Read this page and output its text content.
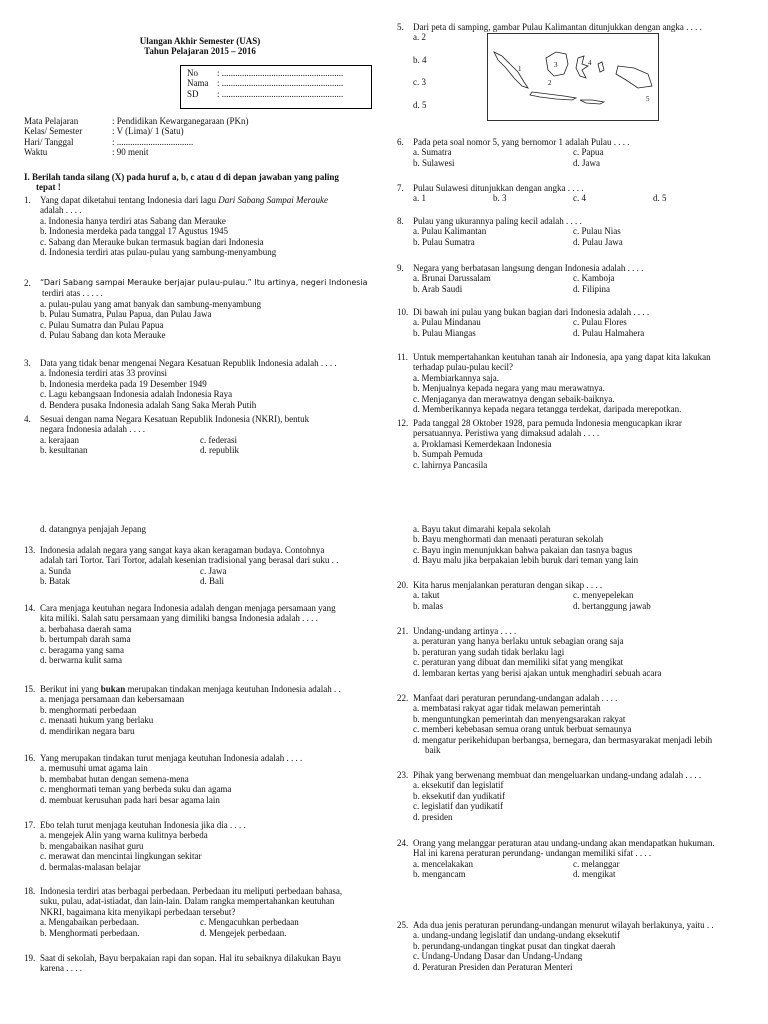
Ulangan Akhir Semester (UAS)
Tahun Pelajaran 2015 – 2016
No	: ......................................................
Nama : ......................................................
SD	: ......................................................
Mata Pelajaran	: Pendidikan Kewarganegaraan (PKn)
Kelas/ Semester	: V (Lima)/ 1 (Satu)
Hari/ Tanggal	: ..................................
Waktu	: 90 menit
I. Berilah tanda silang (X) pada huruf a, b, c atau d di depan jawaban yang paling
tepat !
1. Yang dapat diketahui tentang Indonesia dari lagu Dari Sabang Sampai Merauke
adalah . . . .
a. Indonesia hanya terdiri atas Sabang dan Merauke
b. Indonesia merdeka pada tanggal 17 Agustus 1945
c. Sabang dan Merauke bukan termasuk bagian dari Indonesia
d. Indonesia terdiri atas pulau-pulau yang sambung-menyambung
2. “Dari Sabang sampai Merauke berjajar pulau-pulau.” Itu artinya, negeri Indonesia
terdiri atas . . . . .
a. pulau-pulau yang amat banyak dan sambung-menyambung
b. Pulau Sumatra, Pulau Papua, dan Pulau Jawa
c. Pulau Sumatra dan Pulau Papua
d. Pulau Sabang dan kota Merauke
3. Data yang tidak benar mengenai Negara Kesatuan Republik Indonesia adalah . . . .
a. Indonesia terdiri atas 33 provinsi
b. Indonesia merdeka pada 19 Desember 1949
c. Lagu kebangsaan Indonesia adalah Indonesia Raya
d. Bendera pusaka Indonesia adalah Sang Saka Merah Putih
4. Sesuai dengan nama Negara Kesatuan Republik Indonesia (NKRI), bentuk
negara Indonesia adalah . . . .
a. kerajaan	c. federasi
b. kesultanan	d. republik
5. Dari peta di samping, gambar Pulau Kalimantan ditunjukkan dengan angka . . . .
a. 2
b. 4
c. 3
d. 5
1
2
3	4
5
6. Pada peta soal nomor 5, yang bernomor 1 adalah Pulau . . . .
a. Sumatra	c. Papua
b. Sulawesi	d. Jawa
7. Pulau Sulawesi ditunjukkan dengan angka . . . .
a. 1	b. 3	c. 4	d. 5
8. Pulau yang ukurannya paling kecil adalah . . . .
a. Pulau Kalimantan	c. Pulau Nias
b. Pulau Sumatra	d. Pulau Jawa
9. Negara yang berbatasan langsung dengan Indonesia adalah . . . .
a. Brunai Darussalam	c. Kamboja
b. Arab Saudi	d. Filipina
10. Di bawah ini pulau yang bukan bagian dari Indonesia adalah . . . .
a. Pulau Mindanau	c. Pulau Flores
b. Pulau Miangas	d. Pulau Halmahera
11. Untuk mempertahankan keutuhan tanah air Indonesia, apa yang dapat kita lakukan
terhadap pulau-pulau kecil?
a. Membiarkannya saja.
b. Menjualnya kepada negara yang mau merawatnya.
c. Menjaganya dan merawatnya dengan sebaik-baiknya.
d. Memberikannya kepada negara tetangga terdekat, daripada merepotkan.
12. Pada tanggal 28 Oktober 1928, para pemuda Indonesia mengucapkan ikrar
persatuannya. Peristiwa yang dimaksud adalah . . . .
a. Proklamasi Kemerdekaan Indonesia
b. Sumpah Pemuda
c. lahirnya Pancasila
d. datangnya penjajah Jepang
13. Indonesia adalah negara yang sangat kaya akan keragaman budaya. Contohnya
adalah tari Tortor. Tari Tortor, adalah kesenian tradisional yang berasal dari suku . .
a. Sunda	c. Jawa
b. Batak	d. Bali
14. Cara menjaga keutuhan negara Indonesia adalah dengan menjaga persamaan yang
kita miliki. Salah satu persamaan yang dimiliki bangsa Indonesia adalah . . . .
a. berbahasa daerah sama
b. bertumpah darah sama
c. beragama yang sama
d. berwarna kulit sama
15. Berikut ini yang bukan merupakan tindakan menjaga keutuhan Indonesia adalah . .
a. menjaga persamaan dan kebersamaan
b. menghormati perbedaan
c. menaati hukum yang berlaku
d. mendirikan negara baru
16. Yang merupakan tindakan turut menjaga keutuhan Indonesia adalah . . . .
a. memusuhi umat agama lain
b. membabat hutan dengan semena-mena
c. menghormati teman yang berbeda suku dan agama
d. membuat kerusuhan pada hari besar agama lain
17. Ebo telah turut menjaga keutuhan Indonesia jika dia . . . .
a. mengejek Alin yang warna kulitnya berbeda
b. mengabaikan nasihat guru
c. merawat dan mencintai lingkungan sekitar
d. bermalas-malasan belajar
18. Indonesia terdiri atas berbagai perbedaan. Perbedaan itu meliputi perbedaan bahasa,
suku, pulau, adat-istiadat, dan lain-lain. Dalam rangka mempertahankan keutuhan
NKRI, bagaimana kita menyikapi perbedaan tersebut?
a. Mengabaikan perbedaan.	c. Mengacuhkan perbedaan
b. Menghormati perbedaan.	d. Mengejek perbedaan.
19. Saat di sekolah, Bayu berpakaian rapi dan sopan. Hal itu sebaiknya dilakukan Bayu
karena . . . .
a. Bayu takut dimarahi kepala sekolah
b. Bayu menghormati dan menaati peraturan sekolah
c. Bayu ingin menunjukkan bahwa pakaian dan tasnya bagus
d. Bayu malu jika berpakaian lebih buruk dari teman yang lain
20. Kita harus menjalankan peraturan dengan sikap . . . .
a. takut	c. menyepelekan
b. malas	d. bertanggung jawab
21. Undang-undang artinya . . . .
a. peraturan yang hanya berlaku untuk sebagian orang saja
b. peraturan yang sudah tidak berlaku lagi
c. peraturan yang dibuat dan memiliki sifat yang mengikat
d. lembaran kertas yang berisi ajakan untuk menghadiri sebuah acara
22. Manfaat dari peraturan perundang-undangan adalah . . . .
a. membatasi rakyat agar tidak melawan pemerintah
b. menguntungkan pemerintah dan menyengsarakan rakyat
c. memberi kebebasan semua orang untuk berbuat semaunya
d. mengatur perikehidupan berbangsa, bernegara, dan bermasyarakat menjadi lebih
baik
23. Pihak yang berwenang membuat dan mengeluarkan undang-undang adalah . . . .
a. eksekutif dan legislatif
b. eksekutif dan yudikatif
c. legislatif dan yudikatif
d. presiden
24. Orang yang melanggar peraturan atau undang-undang akan mendapatkan hukuman.
Hal ini karena peraturan perundang- undangan memiliki sifat . . . .
a. mencelakakan	c. melanggar
b. mengancam	d. mengikat
25. Ada dua jenis peraturan perundang-undangan menurut wilayah berlakunya, yaitu . .
a. undang-undang legislatif dan undang-undang eksekutif
b. perundang-undangan tingkat pusat dan tingkat daerah
c. Undang-Undang Dasar dan Undang-Undang
d. Peraturan Presiden dan Peraturan Menteri
